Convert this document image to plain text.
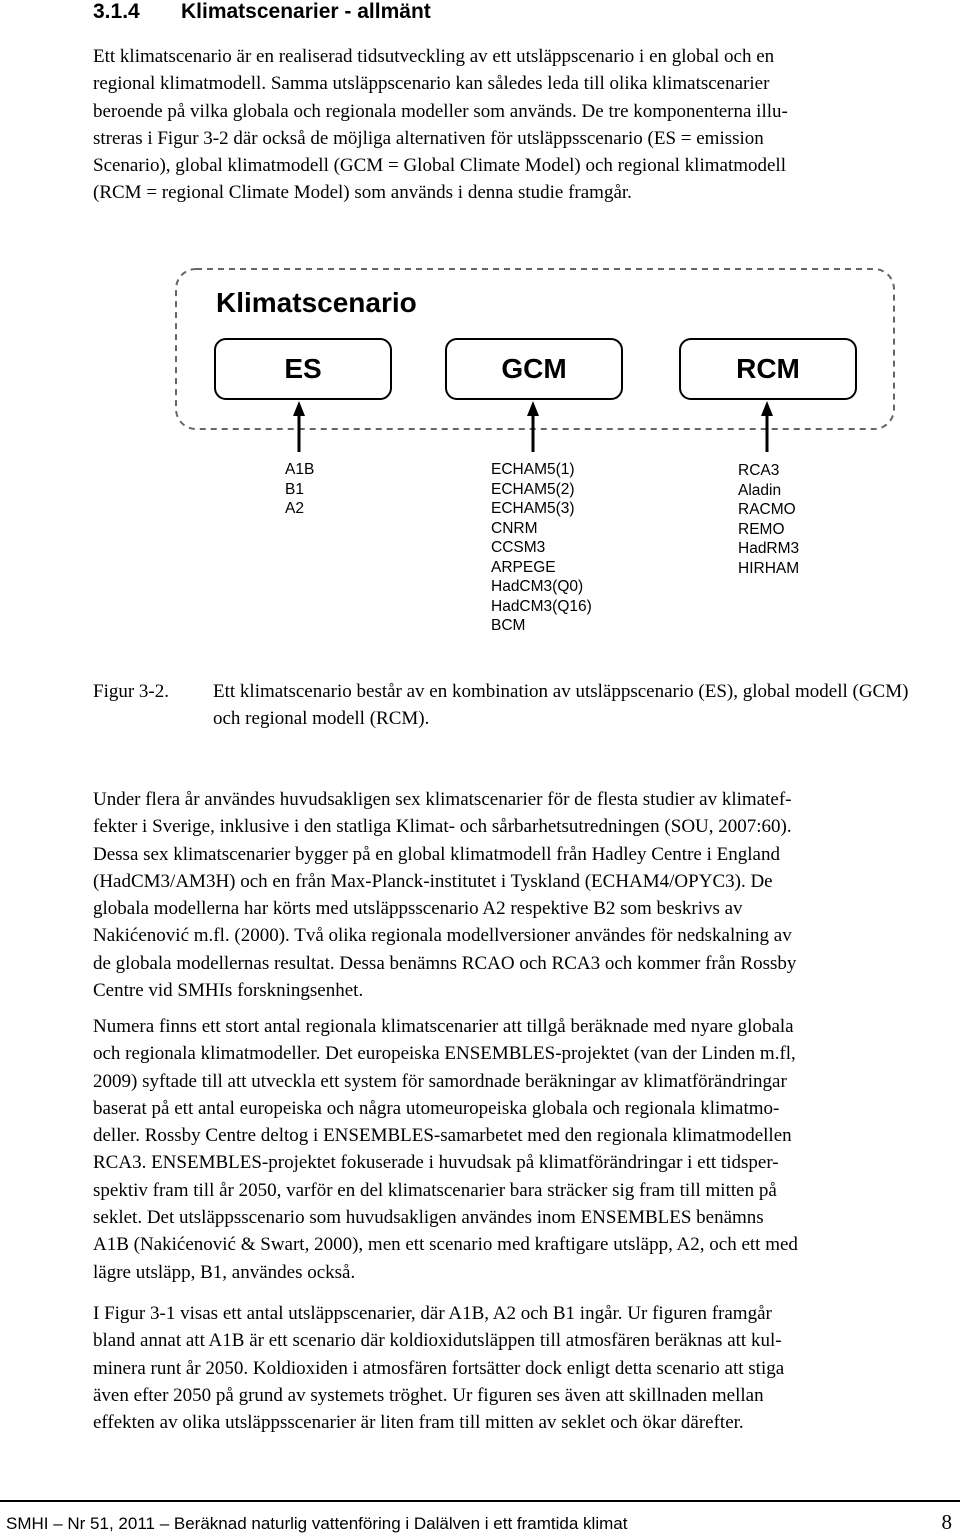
3.1.4 Klimatscenarier - allmänt

Ett klimatscenario är en realiserad tidsutveckling av ett utsläppscenario i en global och en
regional klimatmodell. Samma utsläppscenario kan således leda till olika klimatscenarier
beroende på vilka globala och regionala modeller som används. De tre komponenterna illu-
streras i Figur 3-2 där också de möjliga alternativen för utsläppsscenario (ES = emission
Scenario), global klimatmodell (GCM = Global Climate Model) och regional klimatmodell
(RCM = regional Climate Model) som används i denna studie framgår.

Klimatscenario
ES	GCM	RCM
A1B
B1
A2
ECHAM5(1)
ECHAM5(2)
ECHAM5(3)
CNRM
CCSM3
ARPEGE
HadCM3(Q0)
HadCM3(Q16)
BCM
RCA3
Aladin
RACMO
REMO
HadRM3
HIRHAM
Figur 3-2. Ett klimatscenario består av en kombination av utsläppscenario (ES), global modell (GCM) och regional modell (RCM).

Under flera år användes huvudsakligen sex klimatscenarier för de flesta studier av klimatef-
fekter i Sverige, inklusive i den statliga Klimat- och sårbarhetsutredningen (SOU, 2007:60).
Dessa sex klimatscenarier bygger på en global klimatmodell från Hadley Centre i England
(HadCM3/AM3H) och en från Max-Planck-institutet i Tyskland (ECHAM4/OPYC3). De
globala modellerna har körts med utsläppsscenario A2 respektive B2 som beskrivs av
Nakićenović m.fl. (2000). Två olika regionala modellversioner användes för nedskalning av
de globala modellernas resultat. Dessa benämns RCAO och RCA3 och kommer från Rossby
Centre vid SMHIs forskningsenhet.

Numera finns ett stort antal regionala klimatscenarier att tillgå beräknade med nyare globala
och regionala klimatmodeller. Det europeiska ENSEMBLES-projektet (van der Linden m.fl,
2009) syftade till att utveckla ett system för samordnade beräkningar av klimatförändringar
baserat på ett antal europeiska och några utomeuropeiska globala och regionala klimatmo-
deller. Rossby Centre deltog i ENSEMBLES-samarbetet med den regionala klimatmodellen
RCA3. ENSEMBLES-projektet fokuserade i huvudsak på klimatförändringar i ett tidsper-
spektiv fram till år 2050, varför en del klimatscenarier bara sträcker sig fram till mitten på
seklet. Det utsläppsscenario som huvudsakligen användes inom ENSEMBLES benämns
A1B (Nakićenović & Swart, 2000), men ett scenario med kraftigare utsläpp, A2, och ett med
lägre utsläpp, B1, användes också.

I Figur 3-1 visas ett antal utsläppscenarier, där A1B, A2 och B1 ingår. Ur figuren framgår
bland annat att A1B är ett scenario där koldioxidutsläppen till atmosfären beräknas att kul-
minera runt år 2050. Koldioxiden i atmosfären fortsätter dock enligt detta scenario att stiga
även efter 2050 på grund av systemets tröghet. Ur figuren ses även att skillnaden mellan
effekten av olika utsläppsscenarier är liten fram till mitten av seklet och ökar därefter.

SMHI – Nr 51, 2011 – Beräknad naturlig vattenföring i Dalälven i ett framtida klimat	8
